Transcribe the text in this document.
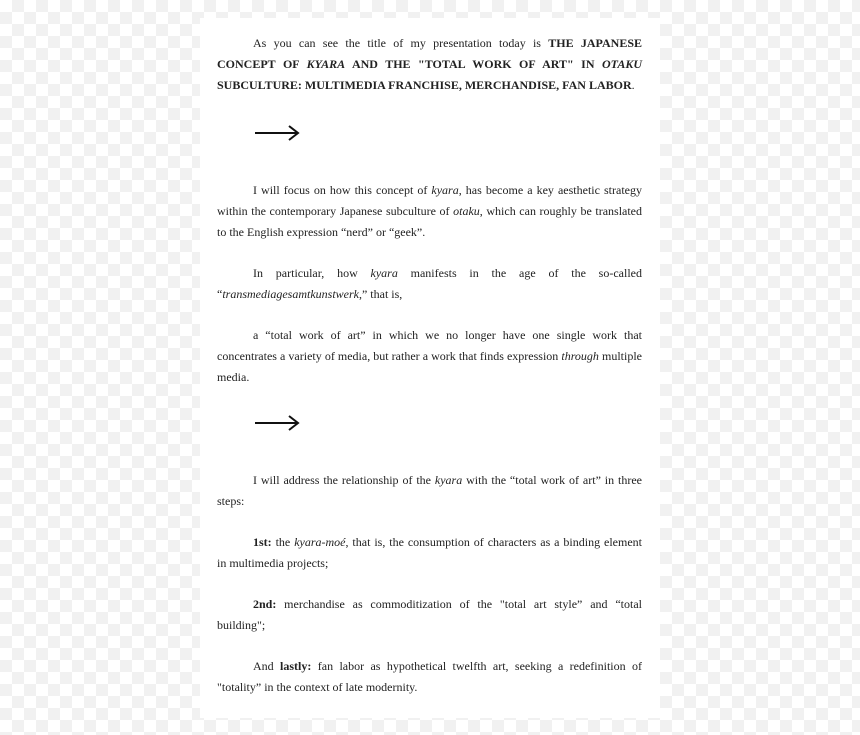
As you can see the title of my presentation today is THE JAPANESE CONCEPT OF KYARA AND THE "TOTAL WORK OF ART" IN OTAKU SUBCULTURE: MULTIMEDIA FRANCHISE, MERCHANDISE, FAN LABOR.
I will focus on how this concept of kyara, has become a key aesthetic strategy within the contemporary Japanese subculture of otaku, which can roughly be translated to the English expression “nerd” or “geek”.
In particular, how kyara manifests in the age of the so-called “transmediagesamtkunstwerk,” that is,
a “total work of art” in which we no longer have one single work that concentrates a variety of media, but rather a work that finds expression through multiple media.
I will address the relationship of the kyara with the “total work of art” in three steps:
1st: the kyara-moé, that is, the consumption of characters as a binding element in multimedia projects;
2nd: merchandise as commoditization of the "total art style” and “total building";
And lastly: fan labor as hypothetical twelfth art, seeking a redefinition of "totality” in the context of late modernity.
